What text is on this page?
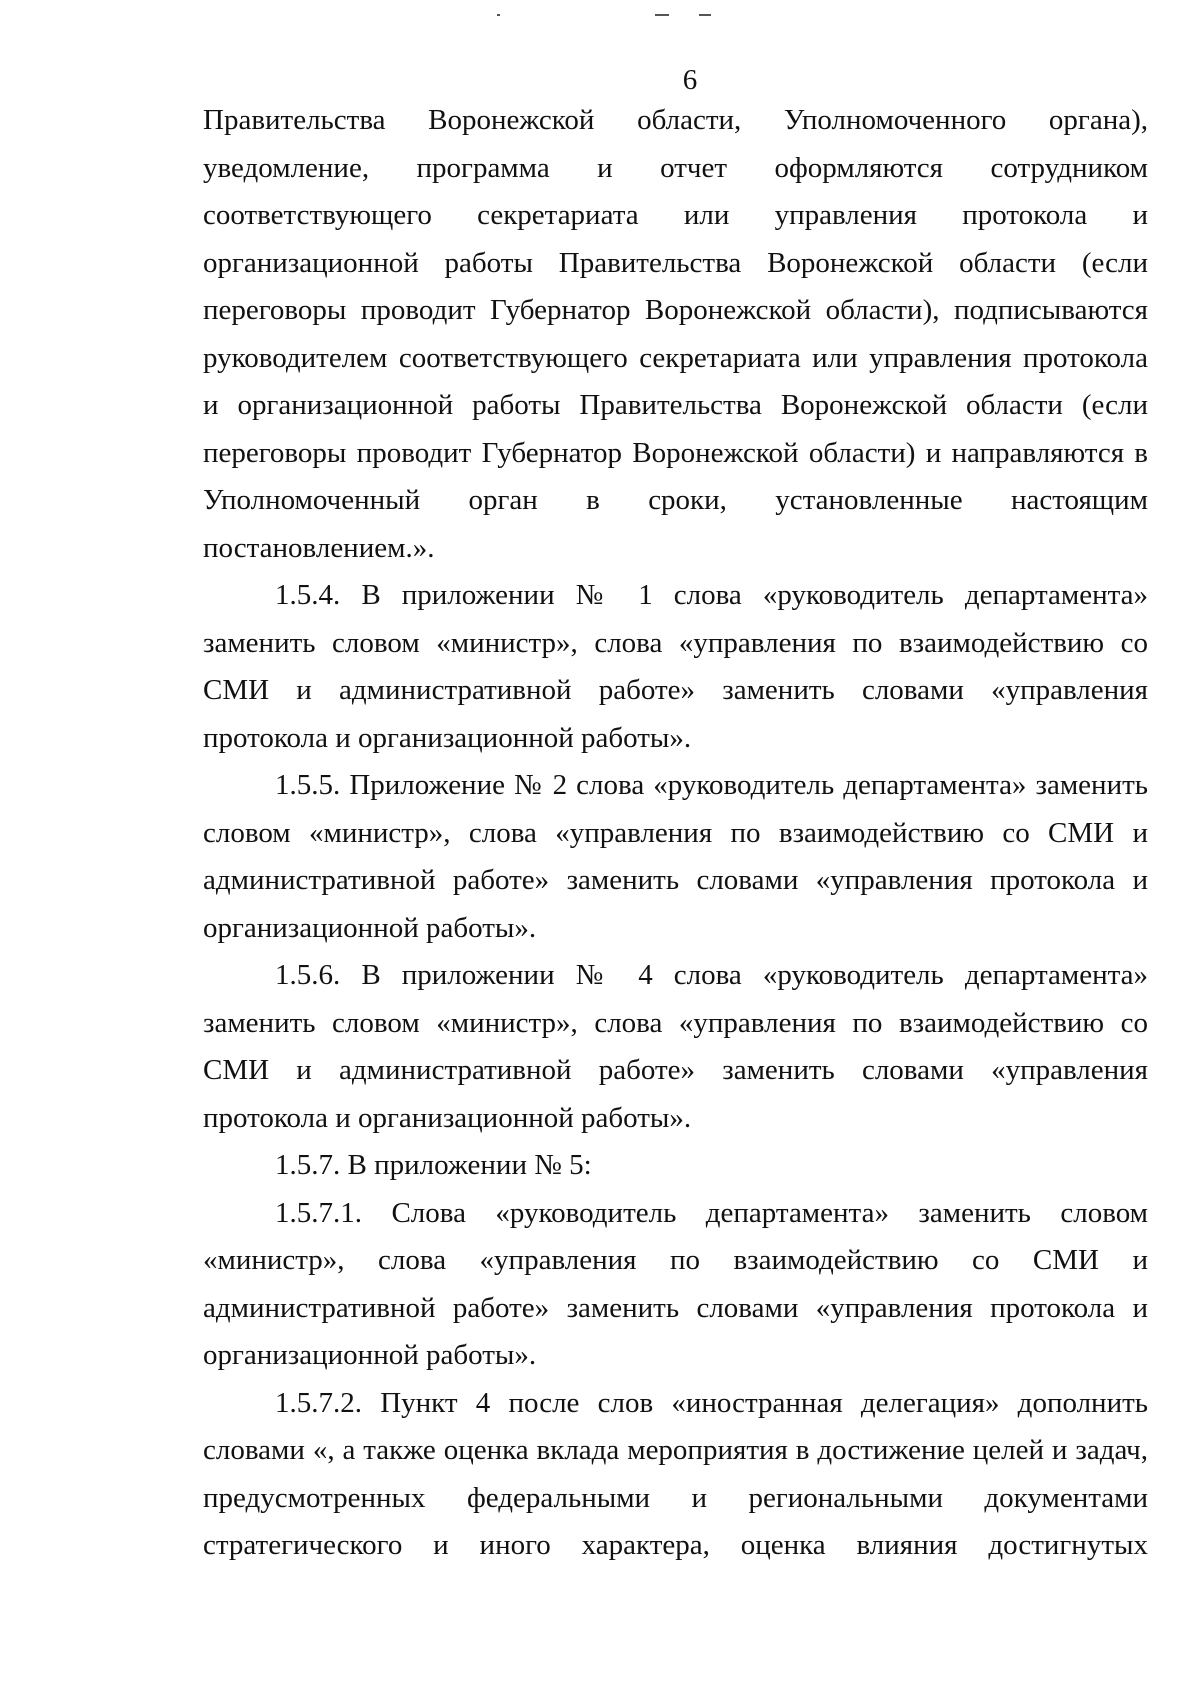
6

Правительства Воронежской области, Уполномоченного органа), уведомление, программа и отчет оформляются сотрудником соответствующего секретариата или управления протокола и организационной работы Правительства Воронежской области (если переговоры проводит Губернатор Воронежской области), подписываются руководителем соответствующего секретариата или управления протокола и организационной работы Правительства Воронежской области (если переговоры проводит Губернатор Воронежской области) и направляются в Уполномоченный орган в сроки, установленные настоящим постановлением.».

1.5.4. В приложении № 1 слова «руководитель департамента» заменить словом «министр», слова «управления по взаимодействию со СМИ и административной работе» заменить словами «управления протокола и организационной работы».

1.5.5. Приложение № 2 слова «руководитель департамента» заменить словом «министр», слова «управления по взаимодействию со СМИ и административной работе» заменить словами «управления протокола и организационной работы».

1.5.6. В приложении № 4 слова «руководитель департамента» заменить словом «министр», слова «управления по взаимодействию со СМИ и административной работе» заменить словами «управления протокола и организационной работы».

1.5.7. В приложении № 5:

1.5.7.1. Слова «руководитель департамента» заменить словом «министр», слова «управления по взаимодействию со СМИ и административной работе» заменить словами «управления протокола и организационной работы».

1.5.7.2. Пункт 4 после слов «иностранная делегация» дополнить словами «, а также оценка вклада мероприятия в достижение целей и задач, предусмотренных федеральными и региональными документами стратегического и иного характера, оценка влияния достигнутых
